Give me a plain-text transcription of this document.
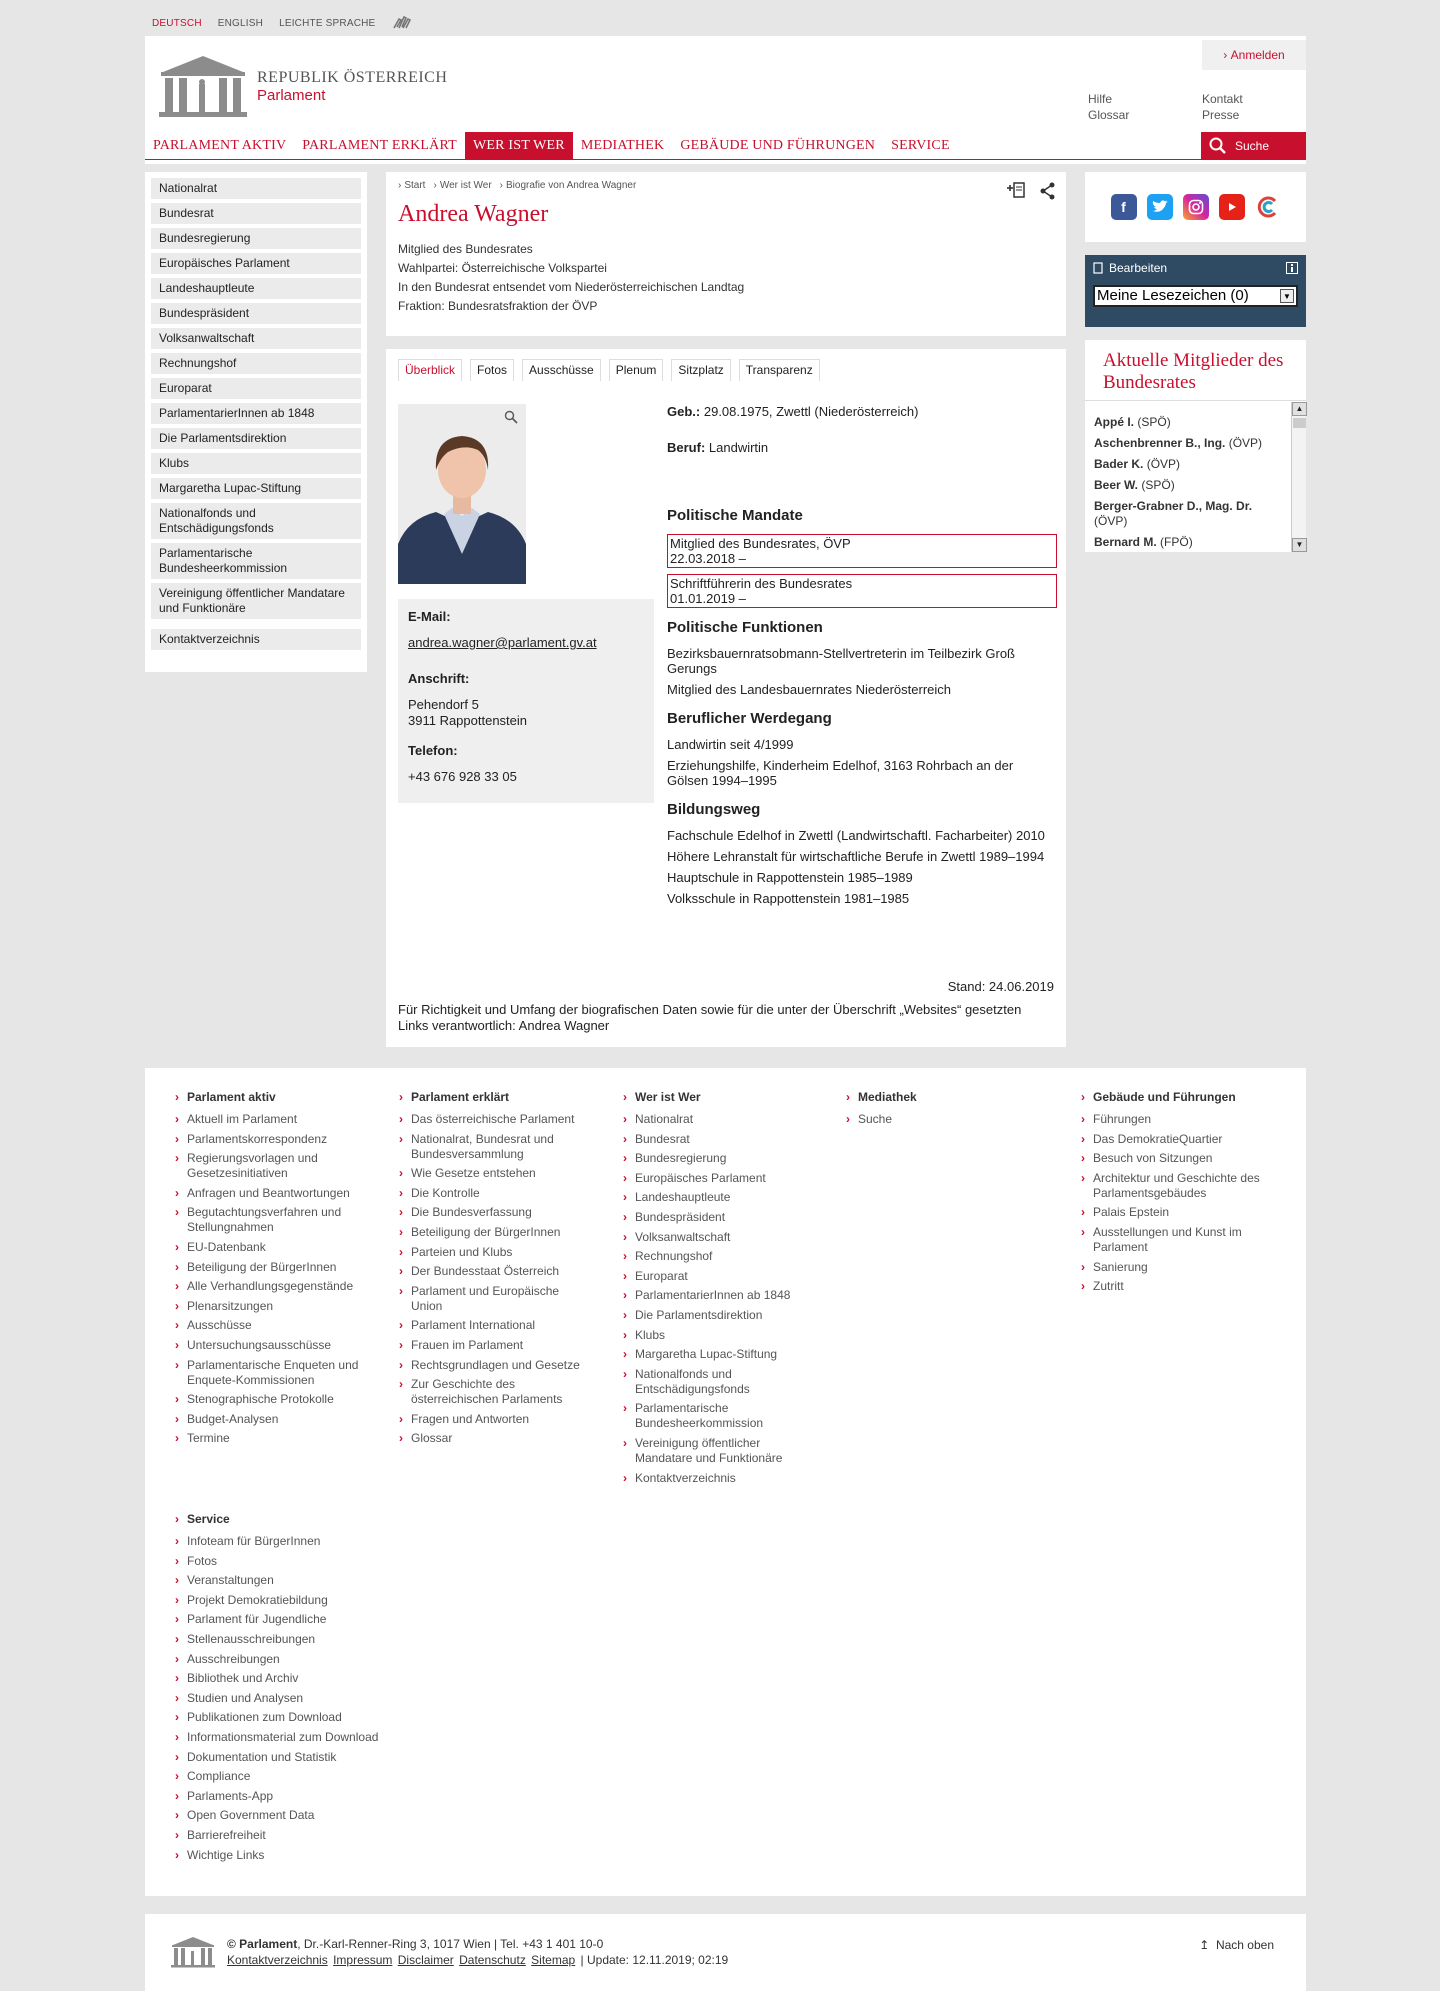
DEUTSCH ENGLISH LEICHTE SPRACHE
REPUBLIK ÖSTERREICH
Parlament
› Anmelden
Hilfe
Glossar
Kontakt
Presse
PARLAMENT AKTIV	PARLAMENT ERKLÄRT	WER IST WER	MEDIATHEK	GEBÄUDE UND FÜHRUNGEN	SERVICE	Suche
Nationalrat
Bundesrat
Bundesregierung
Europäisches Parlament
Landeshauptleute
Bundespräsident
Volksanwaltschaft
Rechnungshof
Europarat
ParlamentarierInnen ab 1848
Die Parlamentsdirektion
Klubs
Margaretha Lupac-Stiftung
Nationalfonds und Entschädigungsfonds
Parlamentarische Bundesheerkommission
Vereinigung öffentlicher Mandatare und Funktionäre
Kontaktverzeichnis
› Start	› Wer ist Wer	› Biografie von Andrea Wagner
Andrea Wagner
Mitglied des Bundesrates
Wahlpartei: Österreichische Volkspartei
In den Bundesrat entsendet vom Niederösterreichischen Landtag
Fraktion: Bundesratsfraktion der ÖVP
Überblick	Fotos	Ausschüsse	Plenum	Sitzplatz	Transparenz
E-Mail:
andrea.wagner@parlament.gv.at
Anschrift:
Pehendorf 5
3911 Rappottenstein
Telefon:
+43 676 928 33 05
Geb.: 29.08.1975, Zwettl (Niederösterreich)
Beruf: Landwirtin
Politische Mandate
Mitglied des Bundesrates, ÖVP
22.03.2018 –
Schriftführerin des Bundesrates
01.01.2019 –
Politische Funktionen
Bezirksbauernratsobmann-Stellvertreterin im Teilbezirk Groß Gerungs
Mitglied des Landesbauernrates Niederösterreich
Beruflicher Werdegang
Landwirtin seit 4/1999
Erziehungshilfe, Kinderheim Edelhof, 3163 Rohrbach an der Gölsen 1994–1995
Bildungsweg
Fachschule Edelhof in Zwettl (Landwirtschaftl. Facharbeiter) 2010
Höhere Lehranstalt für wirtschaftliche Berufe in Zwettl 1989–1994
Hauptschule in Rappottenstein 1985–1989
Volksschule in Rappottenstein 1981–1985
Stand: 24.06.2019
Für Richtigkeit und Umfang der biografischen Daten sowie für die unter der Überschrift „Websites“ gesetzten Links verantwortlich: Andrea Wagner
f
Bearbeiten
Meine Lesezeichen (0)	▼
Aktuelle Mitglieder des Bundesrates
Appé I. (SPÖ)
Aschenbrenner B., Ing. (ÖVP)
Bader K. (ÖVP)
Beer W. (SPÖ)
Berger-Grabner D., Mag. Dr. (ÖVP)
Bernard M. (FPÖ)
▲
▼
› Parlament aktiv
› Aktuell im Parlament
› Parlamentskorrespondenz
› Regierungsvorlagen und Gesetzesinitiativen
› Anfragen und Beantwortungen
› Begutachtungsverfahren und Stellungnahmen
› EU-Datenbank
› Beteiligung der BürgerInnen
› Alle Verhandlungsgegenstände
› Plenarsitzungen
› Ausschüsse
› Untersuchungsausschüsse
› Parlamentarische Enqueten und Enquete-Kommissionen
› Stenographische Protokolle
› Budget-Analysen
› Termine
› Parlament erklärt
› Das österreichische Parlament
› Nationalrat, Bundesrat und Bundesversammlung
› Wie Gesetze entstehen
› Die Kontrolle
› Die Bundesverfassung
› Beteiligung der BürgerInnen
› Parteien und Klubs
› Der Bundesstaat Österreich
› Parlament und Europäische Union
› Parlament International
› Frauen im Parlament
› Rechtsgrundlagen und Gesetze
› Zur Geschichte des österreichischen Parlaments
› Fragen und Antworten
› Glossar
› Wer ist Wer
› Nationalrat
› Bundesrat
› Bundesregierung
› Europäisches Parlament
› Landeshauptleute
› Bundespräsident
› Volksanwaltschaft
› Rechnungshof
› Europarat
› ParlamentarierInnen ab 1848
› Die Parlamentsdirektion
› Klubs
› Margaretha Lupac-Stiftung
› Nationalfonds und Entschädigungsfonds
› Parlamentarische Bundesheerkommission
› Vereinigung öffentlicher Mandatare und Funktionäre
› Kontaktverzeichnis
› Mediathek
› Suche
› Gebäude und Führungen
› Führungen
› Das DemokratieQuartier
› Besuch von Sitzungen
› Architektur und Geschichte des Parlamentsgebäudes
› Palais Epstein
› Ausstellungen und Kunst im Parlament
› Sanierung
› Zutritt
› Service
› Infoteam für BürgerInnen
› Fotos
› Veranstaltungen
› Projekt Demokratiebildung
› Parlament für Jugendliche
› Stellenausschreibungen
› Ausschreibungen
› Bibliothek und Archiv
› Studien und Analysen
› Publikationen zum Download
› Informationsmaterial zum Download
› Dokumentation und Statistik
› Compliance
› Parlaments-App
› Open Government Data
› Barrierefreiheit
› Wichtige Links
© Parlament, Dr.-Karl-Renner-Ring 3, 1017 Wien | Tel. +43 1 401 10-0
Kontaktverzeichnis Impressum Disclaimer Datenschutz Sitemap | Update: 12.11.2019; 02:19
↥ Nach oben
